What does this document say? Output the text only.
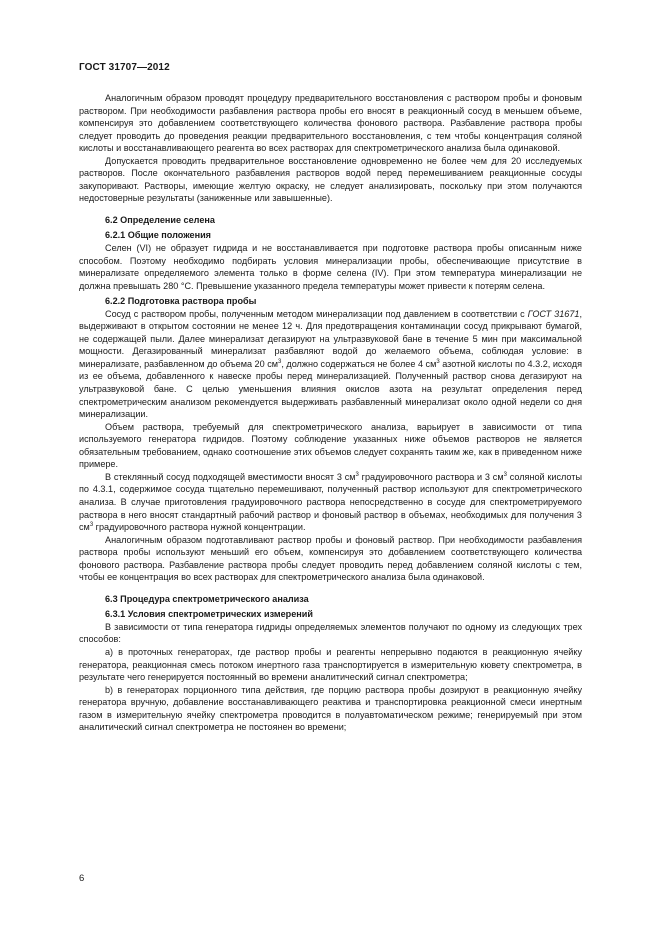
ГОСТ 31707—2012

Аналогичным образом проводят процедуру предварительного восстановления с раствором пробы и фоновым раствором. При необходимости разбавления раствора пробы его вносят в реакционный сосуд в меньшем объеме, компенсируя это добавлением соответствующего количества фонового раствора. Разбавление раствора пробы следует проводить до проведения реакции предварительного восстановления, с тем чтобы концентрация соляной кислоты и восстанавливающего реагента во всех растворах для спектрометрического анализа была одинаковой.

Допускается проводить предварительное восстановление одновременно не более чем для 20 исследуемых растворов. После окончательного разбавления растворов водой перед перемешиванием реакционные сосуды закупоривают. Растворы, имеющие желтую окраску, не следует анализировать, поскольку при этом получаются недостоверные результаты (заниженные или завышенные).

6.2 Определение селена
6.2.1 Общие положения

Селен (VI) не образует гидрида и не восстанавливается при подготовке раствора пробы описанным ниже способом. Поэтому необходимо подбирать условия минерализации пробы, обеспечивающие присутствие в минерализате определяемого элемента только в форме селена (IV). При этом температура минерализации не должна превышать 280 °С. Превышение указанного предела температуры может привести к потерям селена.

6.2.2 Подготовка раствора пробы

Сосуд с раствором пробы, полученным методом минерализации под давлением в соответствии с ГОСТ 31671, выдерживают в открытом состоянии не менее 12 ч. Для предотвращения контаминации сосуд прикрывают бумагой, не содержащей пыли. Далее минерализат дегазируют на ультразвуковой бане в течение 5 мин при максимальной мощности. Дегазированный минерализат разбавляют водой до желаемого объема, соблюдая условие: в минерализате, разбавленном до объема 20 $см^3$, должно содержаться не более 4 $см^3$ азотной кислоты по 4.3.2, исходя из ее объема, добавленного к навеске пробы перед минерализацией. Полученный раствор снова дегазируют на ультразвуковой бане. С целью уменьшения влияния окислов азота на результат определения перед спектрометрическим анализом рекомендуется выдерживать разбавленный минерализат около одной недели со дня минерализации.

Объем раствора, требуемый для спектрометрического анализа, варьирует в зависимости от типа используемого генератора гидридов. Поэтому соблюдение указанных ниже объемов растворов не является обязательным требованием, однако соотношение этих объемов следует сохранять таким же, как в приведенном ниже примере.

В стеклянный сосуд подходящей вместимости вносят 3 $см^3$ градуировочного раствора и 3 $см^3$ соляной кислоты по 4.3.1, содержимое сосуда тщательно перемешивают, полученный раствор используют для спектрометрического анализа. В случае приготовления градуировочного раствора непосредственно в сосуде для спектрометрируемого раствора в него вносят стандартный рабочий раствор и фоновый раствор в объемах, необходимых для получения 3 $см^3$ градуировочного раствора нужной концентрации.

Аналогичным образом подготавливают раствор пробы и фоновый раствор. При необходимости разбавления раствора пробы используют меньший его объем, компенсируя это добавлением соответствующего количества фонового раствора. Разбавление раствора пробы следует проводить перед добавлением соляной кислоты с тем, чтобы ее концентрация во всех растворах для спектрометрического анализа была одинаковой.

6.3 Процедура спектрометрического анализа
6.3.1 Условия спектрометрических измерений

В зависимости от типа генератора гидриды определяемых элементов получают по одному из следующих трех способов:

a) в проточных генераторах, где раствор пробы и реагенты непрерывно подаются в реакционную ячейку генератора, реакционная смесь потоком инертного газа транспортируется в измерительную кювету спектрометра, в результате чего генерируется постоянный во времени аналитический сигнал спектрометра;

b) в генераторах порционного типа действия, где порцию раствора пробы дозируют в реакционную ячейку генератора вручную, добавление восстанавливающего реактива и транспортировка реакционной смеси инертным газом в измерительную ячейку спектрометра проводится в полуавтоматическом режиме; генерируемый при этом аналитический сигнал спектрометра не постоянен во времени;

6
